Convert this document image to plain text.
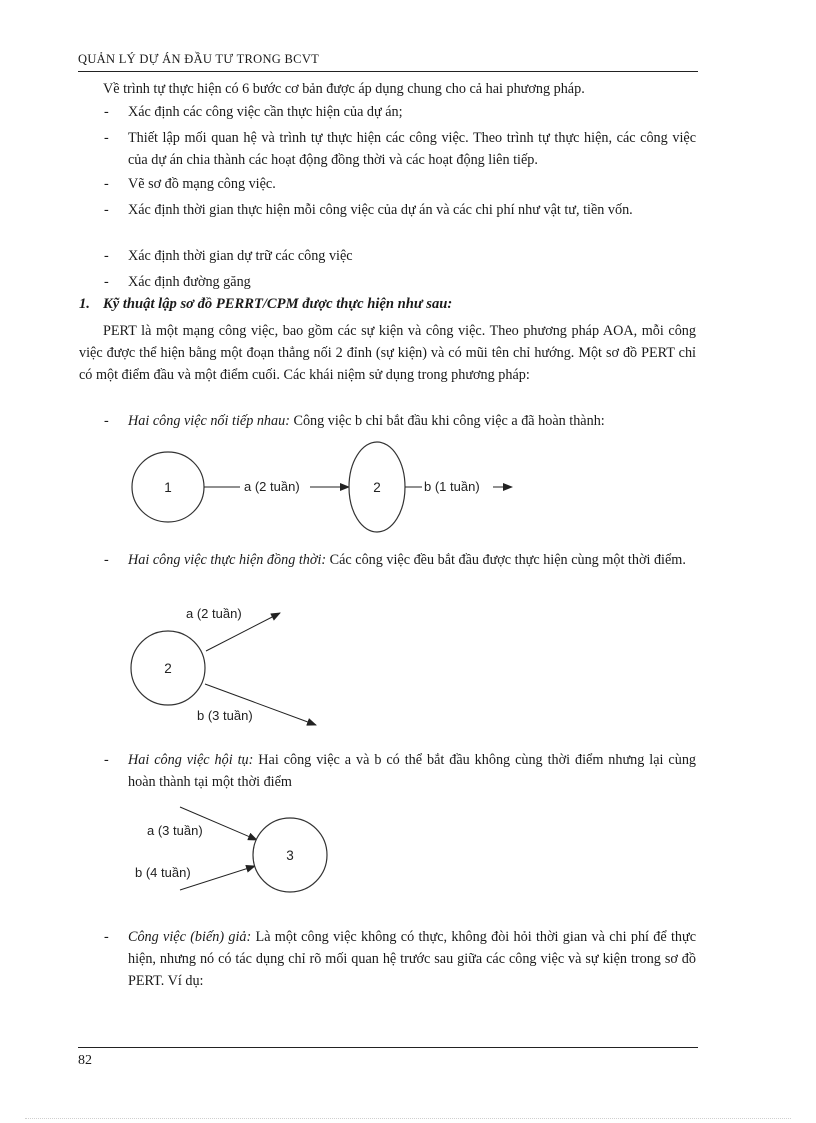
QUẢN LÝ DỰ ÁN ĐẦU TƯ TRONG BCVT
Về trình tự thực hiện có 6 bước cơ bản được áp dụng chung cho cả hai phương pháp.
- Xác định các công việc cần thực hiện của dự án;
- Thiết lập mối quan hệ và trình tự thực hiện các công việc. Theo trình tự thực hiện, các công việc của dự án chia thành các hoạt động đồng thời và các hoạt động liên tiếp.
- Vẽ sơ đồ mạng công việc.
- Xác định thời gian thực hiện mỗi công việc của dự án và các chi phí như vật tư, tiền vốn.
- Xác định thời gian dự trữ các công việc
- Xác định đường găng
1. Kỹ thuật lập sơ đồ PERRT/CPM được thực hiện như sau:
PERT là một mạng công việc, bao gồm các sự kiện và công việc. Theo phương pháp AOA, mỗi công việc được thể hiện bằng một đoạn thẳng nối 2 đỉnh (sự kiện) và có mũi tên chỉ hướng. Một sơ đồ PERT chỉ có một điểm đầu và một điểm cuối. Các khái niệm sử dụng trong phương pháp:
- Hai công việc nối tiếp nhau: Công việc b chỉ bắt đầu khi công việc a đã hoàn thành:
1	a (2 tuần)	2	b (1 tuần)
- Hai công việc thực hiện đồng thời: Các công việc đều bắt đầu được thực hiện cùng một thời điểm.
a (2 tuần)
2
b (3 tuần)
- Hai công việc hội tụ: Hai công việc a và b có thể bắt đầu không cùng thời điểm nhưng lại cùng hoàn thành tại một thời điểm
a (3 tuần)
b (4 tuần)
3
- Công việc (biến) giả: Là một công việc không có thực, không đòi hỏi thời gian và chi phí để thực hiện, nhưng nó có tác dụng chỉ rõ mối quan hệ trước sau giữa các công việc và sự kiện trong sơ đồ PERT. Ví dụ:
82
